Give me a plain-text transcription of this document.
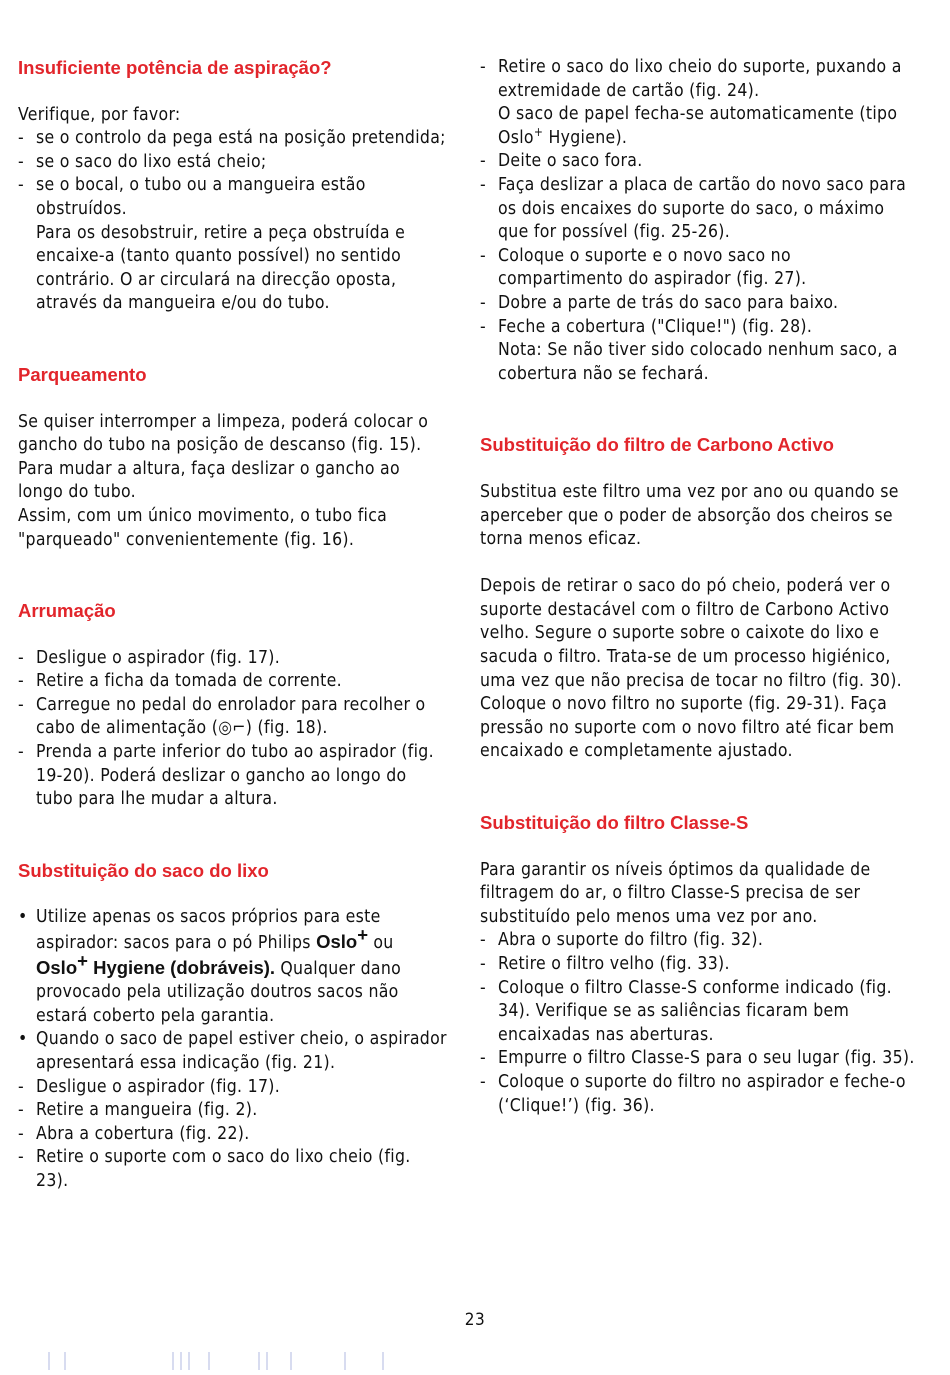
Insuficiente potência de aspiração?

Verifique, por favor:

- se o controlo da pega está na posição pretendida;
- se o saco do lixo está cheio;
- se o bocal, o tubo ou a mangueira estão obstruídos.
Para os desobstruir, retire a peça obstruída e encaixe-a (tanto quanto possível) no sentido contrário. O ar circulará na direcção oposta, através da mangueira e/ou do tubo.
Parqueamento

Se quiser interromper a limpeza, poderá colocar o gancho do tubo na posição de descanso (fig. 15).

Para mudar a altura, faça deslizar o gancho ao longo do tubo.

Assim, com um único movimento, o tubo fica "parqueado" convenientemente (fig. 16).

Arrumação
- Desligue o aspirador (fig. 17).
- Retire a ficha da tomada de corrente.
- Carregue no pedal do enrolador para recolher o cabo de alimentação (◎⌐) (fig. 18).
- Prenda a parte inferior do tubo ao aspirador (fig. 19-20). Poderá deslizar o gancho ao longo do tubo para lhe mudar a altura.
Substituição do saco do lixo
• Utilize apenas os sacos próprios para este aspirador: sacos para o pó Philips Oslo+ ou Oslo+ Hygiene (dobráveis). Qualquer dano provocado pela utilização doutros sacos não estará coberto pela garantia.
• Quando o saco de papel estiver cheio, o aspirador apresentará essa indicação (fig. 21).
- Desligue o aspirador (fig. 17).
- Retire a mangueira (fig. 2).
- Abra a cobertura (fig. 22).
- Retire o suporte com o saco do lixo cheio (fig. 23).
- Retire o saco do lixo cheio do suporte, puxando a extremidade de cartão (fig. 24).
O saco de papel fecha-se automaticamente (tipo Oslo+ Hygiene).
- Deite o saco fora.
- Faça deslizar a placa de cartão do novo saco para os dois encaixes do suporte do saco, o máximo que for possível (fig. 25-26).
- Coloque o suporte e o novo saco no compartimento do aspirador (fig. 27).
- Dobre a parte de trás do saco para baixo.
- Feche a cobertura ("Clique!") (fig. 28).
Nota: Se não tiver sido colocado nenhum saco, a cobertura não se fechará.
Substituição do filtro de Carbono Activo

Substitua este filtro uma vez por ano ou quando se aperceber que o poder de absorção dos cheiros se torna menos eficaz.

Depois de retirar o saco do pó cheio, poderá ver o suporte destacável com o filtro de Carbono Activo velho. Segure o suporte sobre o caixote do lixo e sacuda o filtro. Trata-se de um processo higiénico, uma vez que não precisa de tocar no filtro (fig. 30).

Coloque o novo filtro no suporte (fig. 29-31). Faça pressão no suporte com o novo filtro até ficar bem encaixado e completamente ajustado.

Substituição do filtro Classe-S

Para garantir os níveis óptimos da qualidade de filtragem do ar, o filtro Classe-S precisa de ser substituído pelo menos uma vez por ano.

- Abra o suporte do filtro (fig. 32).
- Retire o filtro velho (fig. 33).
- Coloque o filtro Classe-S conforme indicado (fig. 34). Verifique se as saliências ficaram bem encaixadas nas aberturas.
- Empurre o filtro Classe-S para o seu lugar (fig. 35).
- Coloque o suporte do filtro no aspirador e feche-o (‘Clique!’) (fig. 36).
23
